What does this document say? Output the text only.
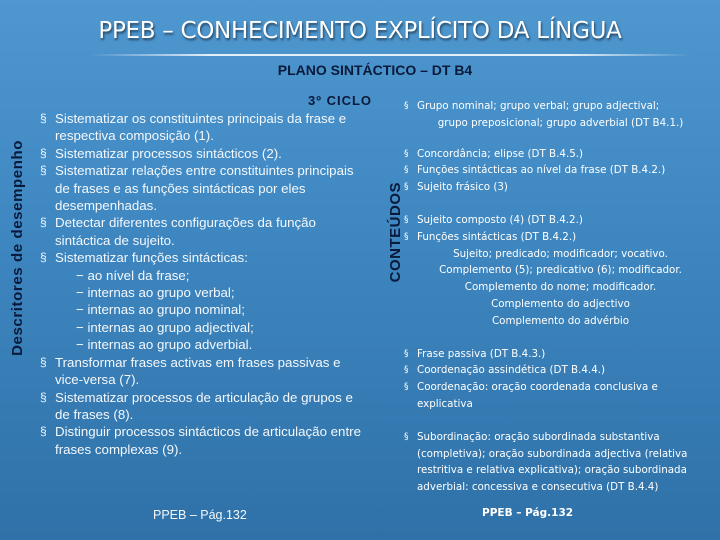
PPEB – CONHECIMENTO EXPLÍCITO DA LÍNGUA
PLANO SINTÁCTICO – DT B4
3º CICLO
Descritores de desempenho	CONTEÚDOS
§ Sistematizar os constituintes principais da frase e respectiva composição (1).
§ Sistematizar processos sintácticos (2).
§ Sistematizar relações entre constituintes principais de frases e as funções sintácticas por eles desempenhadas.
§ Detectar diferentes configurações da função sintáctica de sujeito.
§ Sistematizar funções sintácticas:
− ao nível da frase;
− internas ao grupo verbal;
− internas ao grupo nominal;
− internas ao grupo adjectival;
− internas ao grupo adverbial.
§ Transformar frases activas em frases passivas e vice-versa (7).
§ Sistematizar processos de articulação de grupos e de frases (8).
§ Distinguir processos sintácticos de articulação entre frases complexas (9).
PPEB – Pág.132
§ Grupo nominal; grupo verbal; grupo adjectival;
grupo preposicional; grupo adverbial (DT B4.1.)
§ Concordância; elipse (DT B.4.5.)
§ Funções sintácticas ao nível da frase (DT B.4.2.)
§ Sujeito frásico (3)
§ Sujeito composto (4) (DT B.4.2.)
§ Funções sintácticas (DT B.4.2.)
Sujeito; predicado; modificador; vocativo.
Complemento (5); predicativo (6); modificador.
Complemento do nome; modificador.
Complemento do adjectivo
Complemento do advérbio
§ Frase passiva (DT B.4.3.)
§ Coordenação assindética (DT B.4.4.)
§ Coordenação: oração coordenada conclusiva e explicativa
§ Subordinação: oração subordinada substantiva (completiva); oração subordinada adjectiva (relativa restritiva e relativa explicativa); oração subordinada adverbial: concessiva e consecutiva (DT B.4.4)
PPEB – Pág.132
